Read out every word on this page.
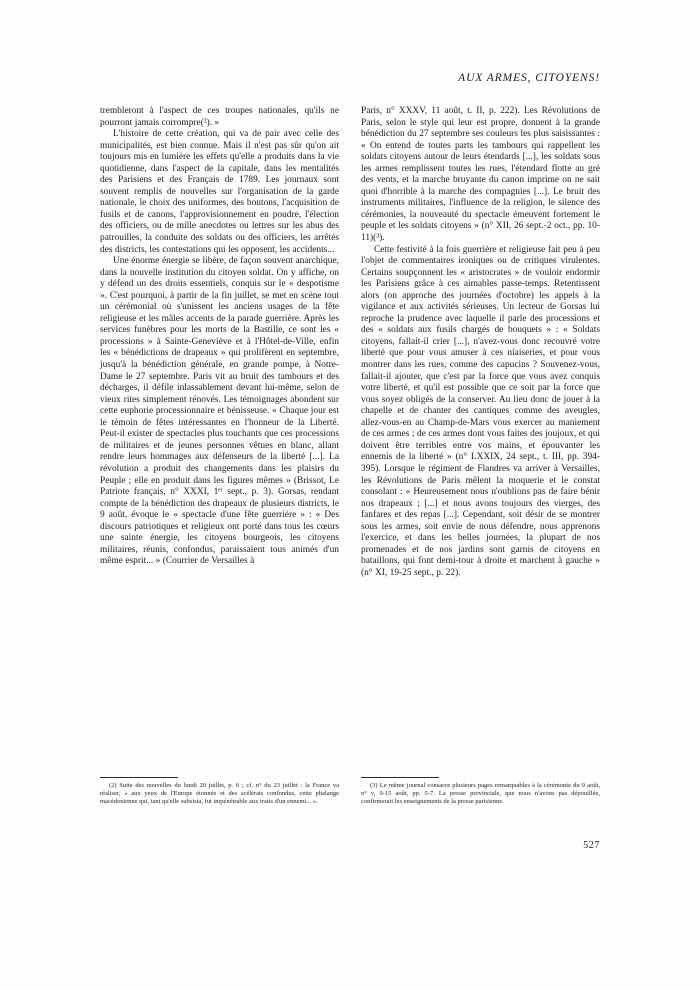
AUX ARMES, CITOYENS!

trembleront à l'aspect de ces troupes nationales, qu'ils ne pourront jamais corrompre(²). »

L'histoire de cette création, qui va de pair avec celle des municipalités, est bien connue. Mais il n'est pas sûr qu'on ait toujours mis en lumière les effets qu'elle a produits dans la vie quotidienne, dans l'aspect de la capitale, dans les mentalités des Parisiens et des Français de 1789. Les journaux sont souvent remplis de nouvelles sur l'organisation de la garde nationale, le choix des uniformes, des boutons, l'acquisition de fusils et de canons, l'approvisionnement en poudre, l'élection des officiers, ou de mille anecdotes ou lettres sur les abus des patrouilles, la conduite des soldats ou des officiers, les arrêtés des districts, les contestations qui les opposent, les accidents...

Une énorme énergie se libère, de façon souvent anarchique, dans la nouvelle institution du citoyen soldat. On y affiche, on y défend un des droits essentiels, conquis sur le « despotisme ». C'est pourquoi, à partir de la fin juillet, se met en scène tout un cérémonial où s'unissent les anciens usages de la fête religieuse et les mâles accents de la parade guerrière. Après les services funèbres pour les morts de la Bastille, ce sont les « processions » à Sainte-Geneviève et à l'Hôtel-de-Ville, enfin les « bénédictions de drapeaux » qui prolifèrent en septembre, jusqu'à la bénédiction générale, en grande pompe, à Notre-Dame le 27 septembre. Paris vit au bruit des tambours et des décharges, il défile inlassablement devant lui-même, selon de vieux rites simplement rénovés. Les témoignages abondent sur cette euphorie processionnaire et bénisseuse. « Chaque jour est le témoin de fêtes intéressantes en l'honneur de la Liberté. Peut-il exister de spectacles plus touchants que ces processions de militaires et de jeunes personnes vêtues en blanc, allant rendre leurs hommages aux défenseurs de la liberté [...]. La révolution a produit des changements dans les plaisirs du Peuple ; elle en produit dans les figures mêmes » (Brissot, Le Patriote français, n° XXXI, 1ᵉʳ sept., p. 3). Gorsas, rendant compte de la bénédiction des drapeaux de plusieurs districts, le 9 août, évoque le « spectacle d'une fête guerrière » : « Des discours patriotiques et religieux ont porté dans tous les cœurs une sainte énergie, les citoyens bourgeois, les citoyens militaires, réunis, confondus, paraissaient tous animés d'un même esprit... » (Courrier de Versailles à

Paris, n° XXXV, 11 août, t. II, p. 222). Les Révolutions de Paris, selon le style qui leur est propre, donnent à la grande bénédiction du 27 septembre ses couleurs les plus saisissantes : « On entend de toutes parts les tambours qui rappellent les soldats citoyens autour de leurs étendards [...], les soldats sous les armes remplissent toutes les rues, l'étendard flotte au gré des vents, et la marche bruyante du canon imprime on ne sait quoi d'horrible à la marche des compagnies [...]. Le bruit des instruments militaires, l'influence de la religion, le silence des cérémonies, la nouveauté du spectacle émeuvent fortement le peuple et les soldats citoyens » (n° XII, 26 sept.-2 oct., pp. 10-11)(³).

Cette festivité à la fois guerrière et religieuse fait peu à peu l'objet de commentaires ironiques ou de critiques virulentes. Certains soupçonnent les « aristocrates » de vouloir endormir les Parisiens grâce à ces aimables passe-temps. Retentissent alors (on approche des journées d'octobre) les appels à la vigilance et aux activités sérieuses. Un lecteur de Gorsas lui reproche la prudence avec laquelle il parle des processions et des « soldats aux fusils chargés de bouquets » : « Soldats citoyens, fallait-il crier [...], n'avez-vous donc recouvré votre liberté que pour vous amuser à ces niaiseries, et pour vous montrer dans les rues, comme des capucins ? Souvenez-vous, fallait-il ajouter, que c'est par la force que vous avez conquis votre liberté, et qu'il est possible que ce soit par la force que vous soyez obligés de la conserver. Au lieu donc de jouer à la chapelle et de chanter des cantiques comme des aveugles, allez-vous-en au Champ-de-Mars vous exercer au maniement de ces armes ; de ces armes dont vous faites des joujoux, et qui doivent être terribles entre vos mains, et épouvanter les ennemis de la liberté » (n° LXXIX, 24 sept., t. III, pp. 394-395). Lorsque le régiment de Flandres va arriver à Versailles, les Révolutions de Paris mêlent la moquerie et le constat consolant : « Heureusement nous n'oublions pas de faire bénir nos drapeaux ; [...] et nous avons toujours des vierges, des fanfares et des repas [...]. Cependant, soit désir de se montrer sous les armes, soit envie de nous défendre, nous apprenons l'exercice, et dans les belles journées, la plupart de nos promenades et de nos jardins sont garnis de citoyens en bataillons, qui font demi-tour à droite et marchent à gauche » (n° XI, 19-25 sept., p. 22).

(2) Suite des nouvelles du lundi 20 juillet, p. 6 ; cf. n° du 23 juillet : la France va réaliser, « aux yeux de l'Europe étonnée et des scélérats confondus, cette phalange macédonienne qui, tant qu'elle subsista, fut impénétrable aux traits d'un ennemi... ».

(3) Le même journal consacre plusieurs pages remarquables à la cérémonie du 9 août, n° v, 9-15 août, pp. 5-7. La presse provinciale, que nous n'avons pas dépouillée, confirmerait les enseignements de la presse parisienne.

527
